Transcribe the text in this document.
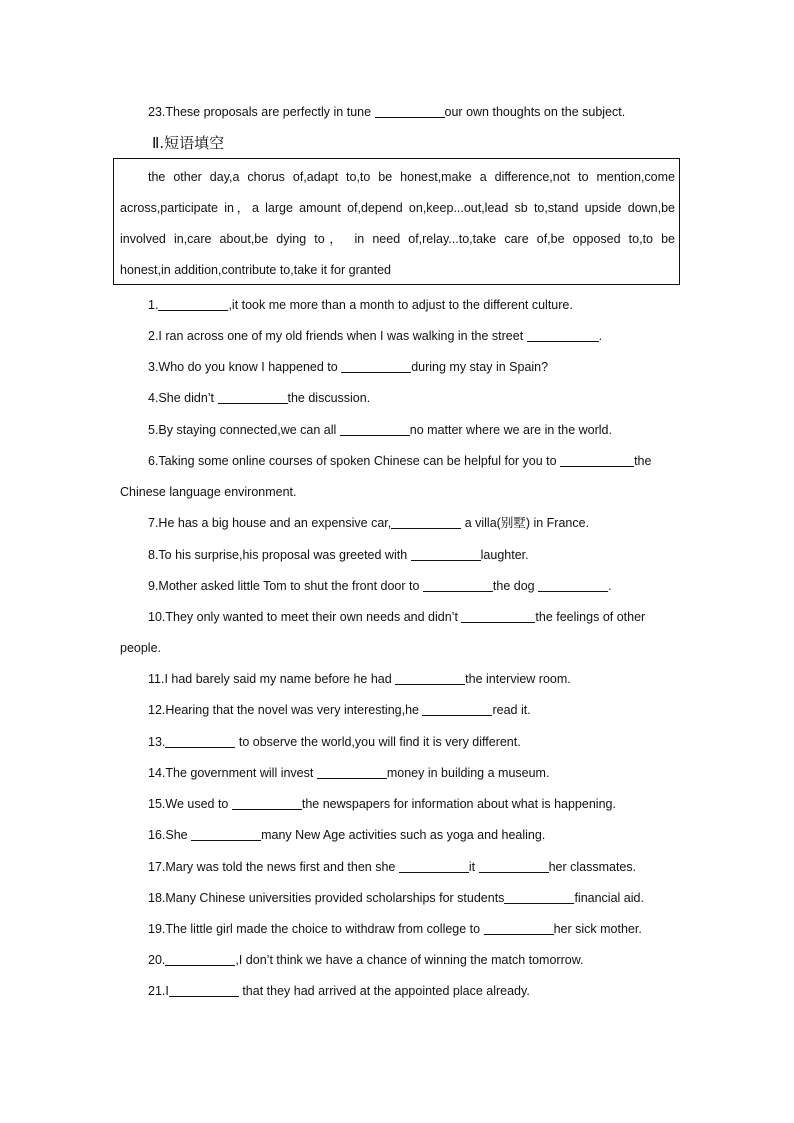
23.These proposals are perfectly in tune	our own thoughts on the subject.
Ⅱ.短语填空
the other day,a chorus of,adapt to,to be honest,make a difference,not to mention,come
across,participate in，a large amount of,depend on,keep...out,lead sb to,stand upside down,be
involved in,care about,be dying to， in need of,relay...to,take care of,be opposed to,to be
honest,in addition,contribute to,take it for granted
1.	,it took me more than a month to adjust to the different culture.
2.I ran across one of my old friends when I was walking in the street	.
3.Who do you know I happened to	during my stay in Spain?
4.She didn’t	the discussion.
5.By staying connected,we can all	no matter where we are in the world.
6.Taking some online courses of spoken Chinese can be helpful for you to	the
Chinese language environment.
7.He has a big house and an expensive car,	a villa(别墅) in France.
8.To his surprise,his proposal was greeted with	laughter.
9.Mother asked little Tom to shut the front door to	the dog	.
10.They only wanted to meet their own needs and didn’t	the feelings of other
people.
11.I had barely said my name before he had	the interview room.
12.Hearing that the novel was very interesting,he	read it.
13.	to observe the world,you will find it is very different.
14.The government will invest	money in building a museum.
15.We used to	the newspapers for information about what is happening.
16.She	many New Age activities such as yoga and healing.
17.Mary was told the news first and then she	it	her classmates.
18.Many Chinese universities provided scholarships for students	financial aid.
19.The little girl made the choice to withdraw from college to	her sick mother.
20.	,I don’t think we have a chance of winning the match tomorrow.
21.I	that they had arrived at the appointed place already.
